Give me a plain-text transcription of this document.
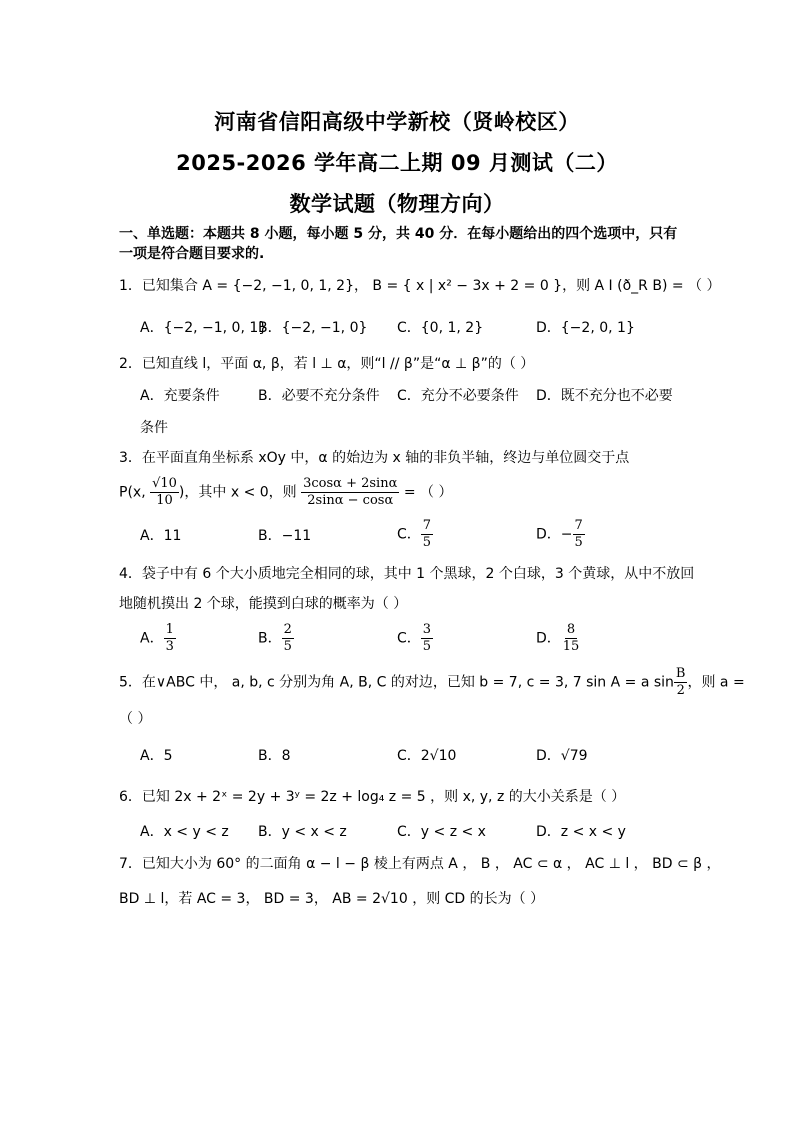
河南省信阳高级中学新校（贤岭校区）
2025-2026 学年高二上期 09 月测试（二）
数学试题（物理方向）
一、单选题：本题共 8 小题，每小题 5 分，共 40 分．在每小题给出的四个选项中，只有一项是符合题目要求的.
1．已知集合 A = {−2, −1, 0, 1, 2}， B = { x | x² − 3x + 2 = 0 }，则 A I (ð_R B) = （ ）
A．{−2, −1, 0, 1}
B．{−2, −1, 0} C．{0, 1, 2}	D．{−2, 0, 1}
2．已知直线 l，平面 α, β，若 l ⊥ α，则“l // β”是“α ⊥ β”的（ ）
A．充要条件	B．必要不充分条件 C．充分不必要条件 D．既不充分也不必要
条件
3．在平面直角坐标系 xOy 中，α 的始边为 x 轴的非负半轴，终边与单位圆交于点
P(x, $\frac{√10}{10}$ )，其中 x < 0，则 $\frac{3\cos\alpha + 2\sin\alpha}{2\sin\alpha - \cos\alpha}$ = （ ）
A．11	B．−11	C． $\frac{7}{5}$	D．− $\frac{7}{5}$
4．袋子中有 6 个大小质地完全相同的球，其中 1 个黑球，2 个白球，3 个黄球，从中不放回
地随机摸出 2 个球，能摸到白球的概率为（ ）
A． $\frac{1}{3}$	B． $\frac{2}{5}$	C． $\frac{3}{5}$	D． $\frac{8}{15}$
5．在∨ABC 中， a, b, c 分别为角 A, B, C 的对边，已知 b = 7, c = 3, 7 sin A = a $\sin \frac{B}{2}$ ，则 a =
（ ）
A．5	B．8	C．2√10	D．√79
6．已知 2x + 2ˣ = 2y + 3ʸ = 2z + log₄ z = 5 ，则 x, y, z 的大小关系是（ ）
A．x < y < z B．y < x < z	C．y < z < x	D．z < x < y
7．已知大小为 60° 的二面角 α − l − β 棱上有两点 A ， B ， AC ⊂ α ， AC ⊥ l ， BD ⊂ β ，
BD ⊥ l，若 AC = 3， BD = 3， AB = 2√10 ，则 CD 的长为（ ）
